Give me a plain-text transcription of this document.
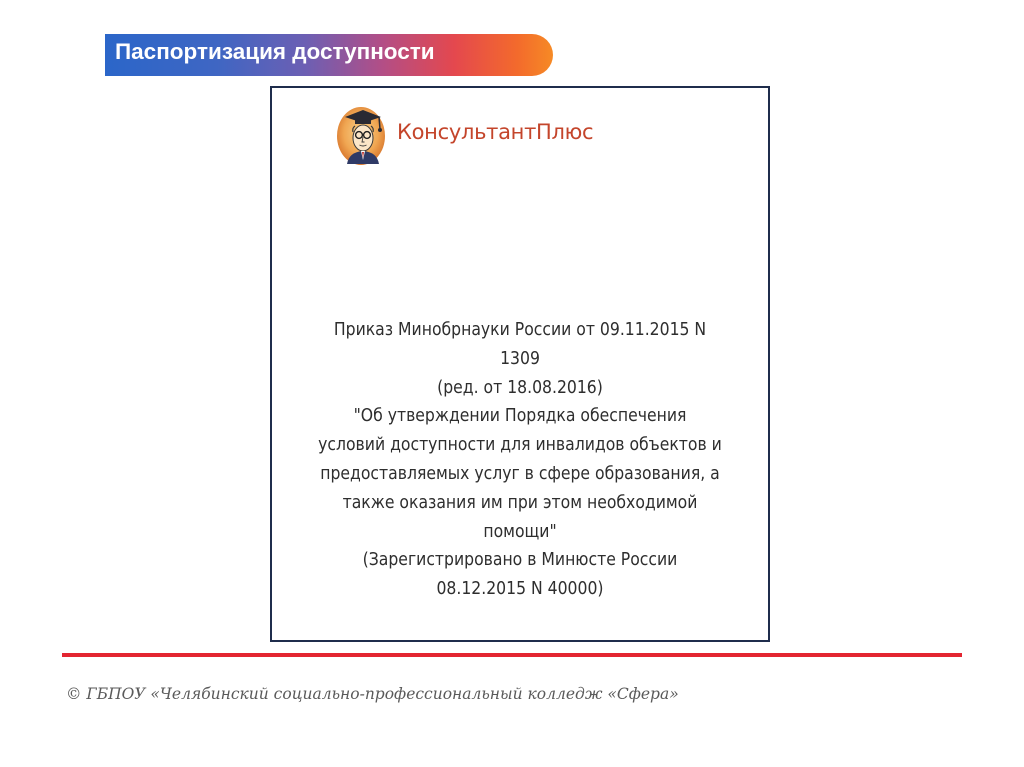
Паспортизация доступности
КонсультантПлюс
Приказ Минобрнауки России от 09.11.2015 N
1309
(ред. от 18.08.2016)
"Об утверждении Порядка обеспечения
условий доступности для инвалидов объектов и
предоставляемых услуг в сфере образования, а
также оказания им при этом необходимой
помощи"
(Зарегистрировано в Минюсте России
08.12.2015 N 40000)
© ГБПОУ «Челябинский социально-профессиональный колледж «Сфера»
